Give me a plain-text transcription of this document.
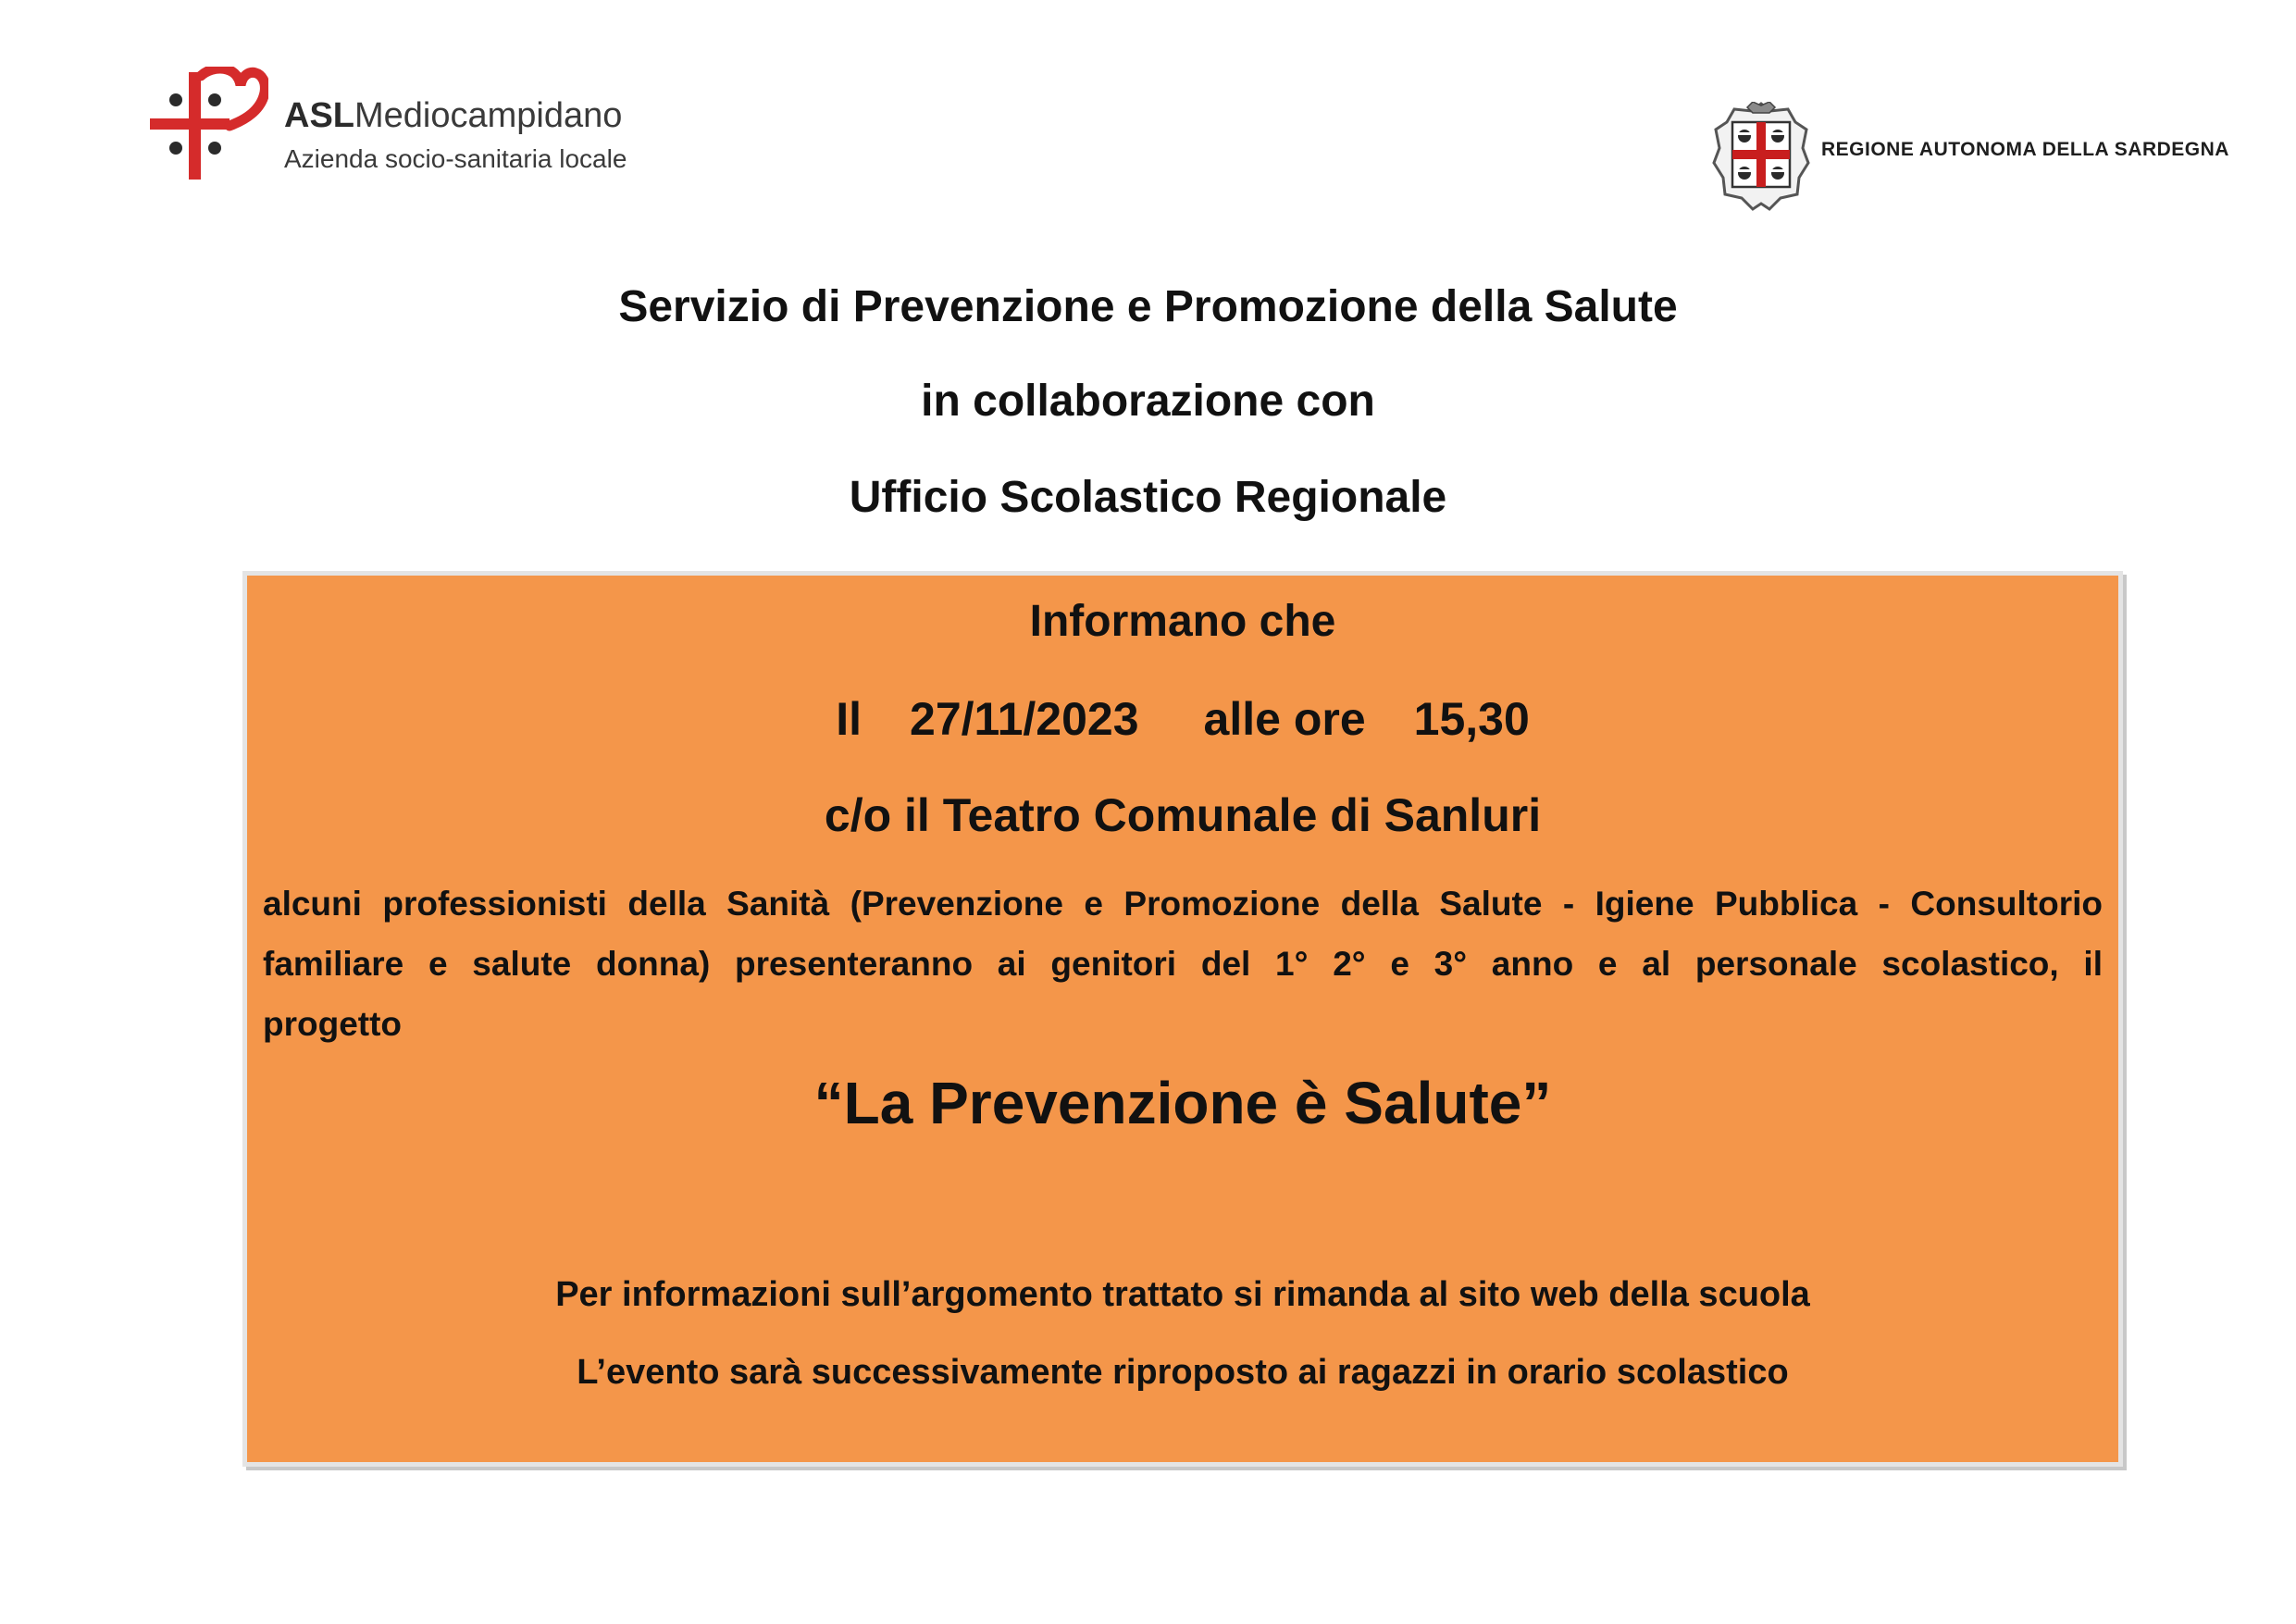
ASLMediocampidano
Azienda socio-sanitaria locale	REGIONE AUTONOMA DELLA SARDEGNA
Servizio di Prevenzione e Promozione della Salute
in collaborazione con
Ufficio Scolastico Regionale
Informano che
Il 27/11/2023 alle ore 15,30
c/o il Teatro Comunale di Sanluri
alcuni professionisti della Sanità (Prevenzione e Promozione della Salute - Igiene Pubblica - Consultorio
familiare e salute donna) presenteranno ai genitori del 1° 2° e 3° anno e al personale scolastico, il
progetto
“La Prevenzione è Salute”
Per informazioni sull’argomento trattato si rimanda al sito web della scuola
L’evento sarà successivamente riproposto ai ragazzi in orario scolastico
